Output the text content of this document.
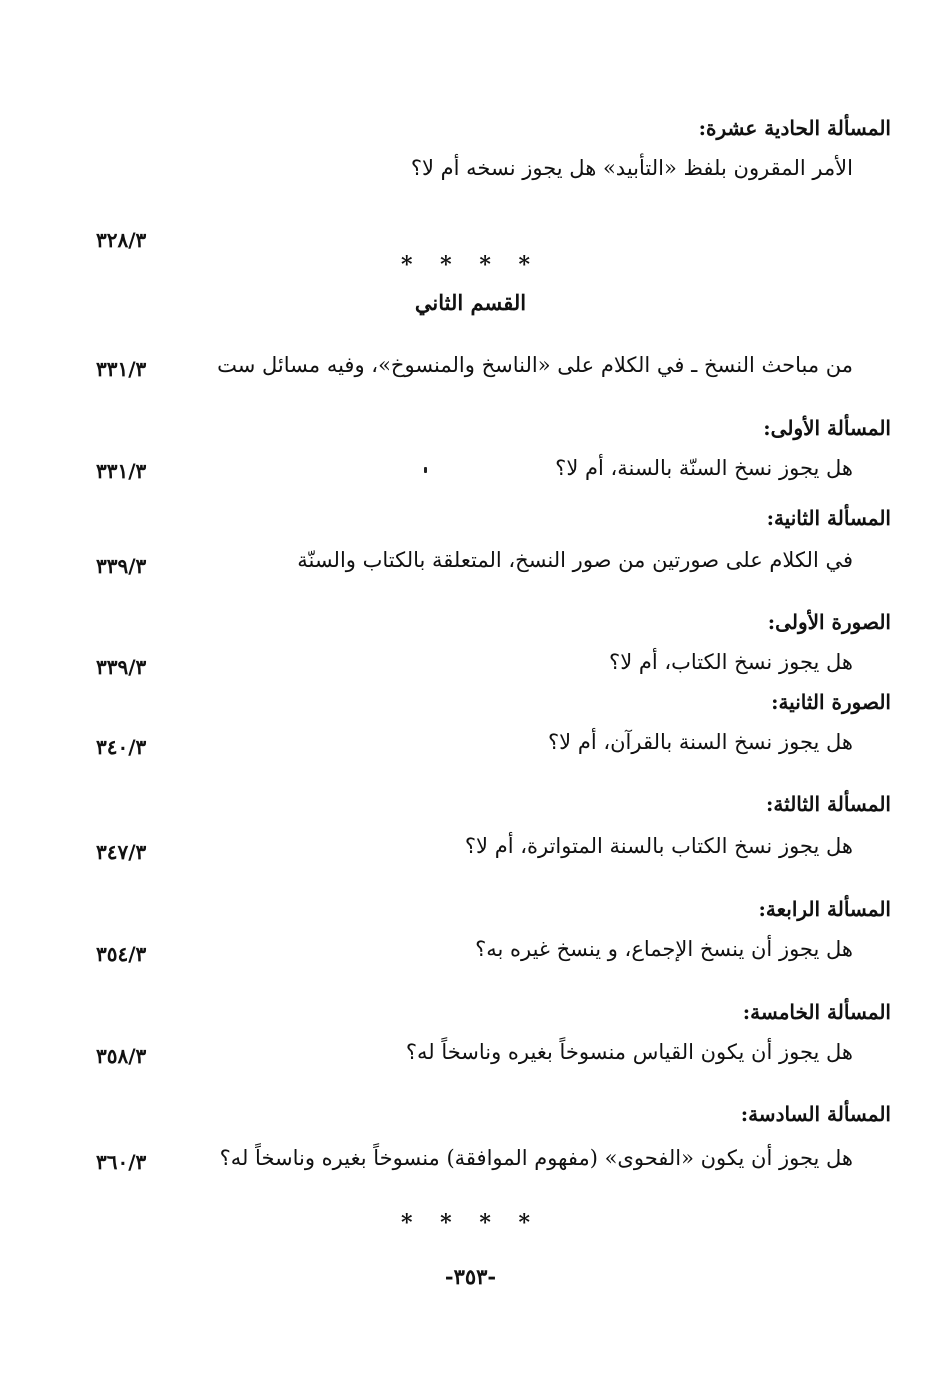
المسألة الحادية عشرة:
الأمر المقرون بلفظ «التأبيد» هل يجوز نسخه أم لا؟
٣٢٨/٣
* * * *
القسم الثاني
من مباحث النسخ ـ في الكلام على «الناسخ والمنسوخ»، وفيه مسائل ست
٣٣١/٣
المسألة الأولى:
هل يجوز نسخ السنّة بالسنة، أم لا؟
٣٣١/٣
المسألة الثانية:
في الكلام على صورتين من صور النسخ، المتعلقة بالكتاب والسنّة
٣٣٩/٣
الصورة الأولى:
هل يجوز نسخ الكتاب، أم لا؟
٣٣٩/٣
الصورة الثانية:
هل يجوز نسخ السنة بالقرآن، أم لا؟
٣٤٠/٣
المسألة الثالثة:
هل يجوز نسخ الكتاب بالسنة المتواترة، أم لا؟
٣٤٧/٣
المسألة الرابعة:
هل يجوز أن ينسخ الإجماع، و ينسخ غيره به؟
٣٥٤/٣
المسألة الخامسة:
هل يجوز أن يكون القياس منسوخاً بغيره وناسخاً له؟
٣٥٨/٣
المسألة السادسة:
هل يجوز أن يكون «الفحوى» (مفهوم الموافقة) منسوخاً بغيره وناسخاً له؟
٣٦٠/٣
* * * *
-٣٥٣-
